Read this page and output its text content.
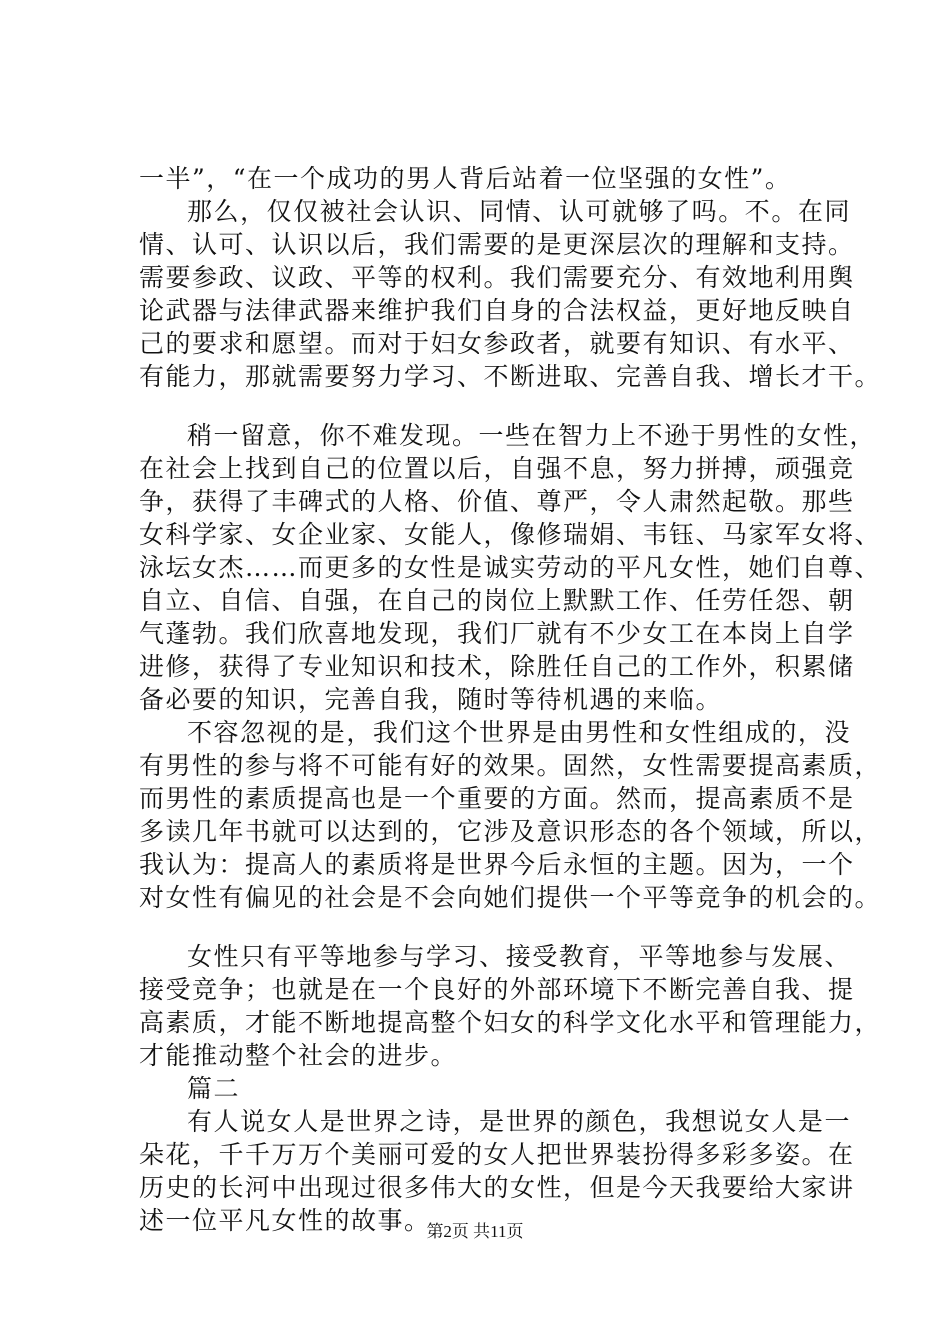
一半”，“在一个成功的男人背后站着一位坚强的女性”。
那么，仅仅被社会认识、同情、认可就够了吗。不。在同
情、认可、认识以后，我们需要的是更深层次的理解和支持。
需要参政、议政、平等的权利。我们需要充分、有效地利用舆
论武器与法律武器来维护我们自身的合法权益，更好地反映自
己的要求和愿望。而对于妇女参政者，就要有知识、有水平、
有能力，那就需要努力学习、不断进取、完善自我、增长才干。
稍一留意，你不难发现。一些在智力上不逊于男性的女性，
在社会上找到自己的位置以后，自强不息，努力拼搏，顽强竞
争，获得了丰碑式的人格、价值、尊严，令人肃然起敬。那些
女科学家、女企业家、女能人，像修瑞娟、韦钰、马家军女将、
泳坛女杰……而更多的女性是诚实劳动的平凡女性，她们自尊、
自立、自信、自强，在自己的岗位上默默工作、任劳任怨、朝
气蓬勃。我们欣喜地发现，我们厂就有不少女工在本岗上自学
进修，获得了专业知识和技术，除胜任自己的工作外，积累储
备必要的知识，完善自我，随时等待机遇的来临。
不容忽视的是，我们这个世界是由男性和女性组成的，没
有男性的参与将不可能有好的效果。固然，女性需要提高素质，
而男性的素质提高也是一个重要的方面。然而，提高素质不是
多读几年书就可以达到的，它涉及意识形态的各个领域，所以，
我认为：提高人的素质将是世界今后永恒的主题。因为，一个
对女性有偏见的社会是不会向她们提供一个平等竞争的机会的。
女性只有平等地参与学习、接受教育，平等地参与发展、
接受竞争；也就是在一个良好的外部环境下不断完善自我、提
高素质，才能不断地提高整个妇女的科学文化水平和管理能力，
才能推动整个社会的进步。
篇二
有人说女人是世界之诗，是世界的颜色，我想说女人是一
朵花，千千万万个美丽可爱的女人把世界装扮得多彩多姿。在
历史的长河中出现过很多伟大的女性，但是今天我要给大家讲
述一位平凡女性的故事。
第2页 共11页
